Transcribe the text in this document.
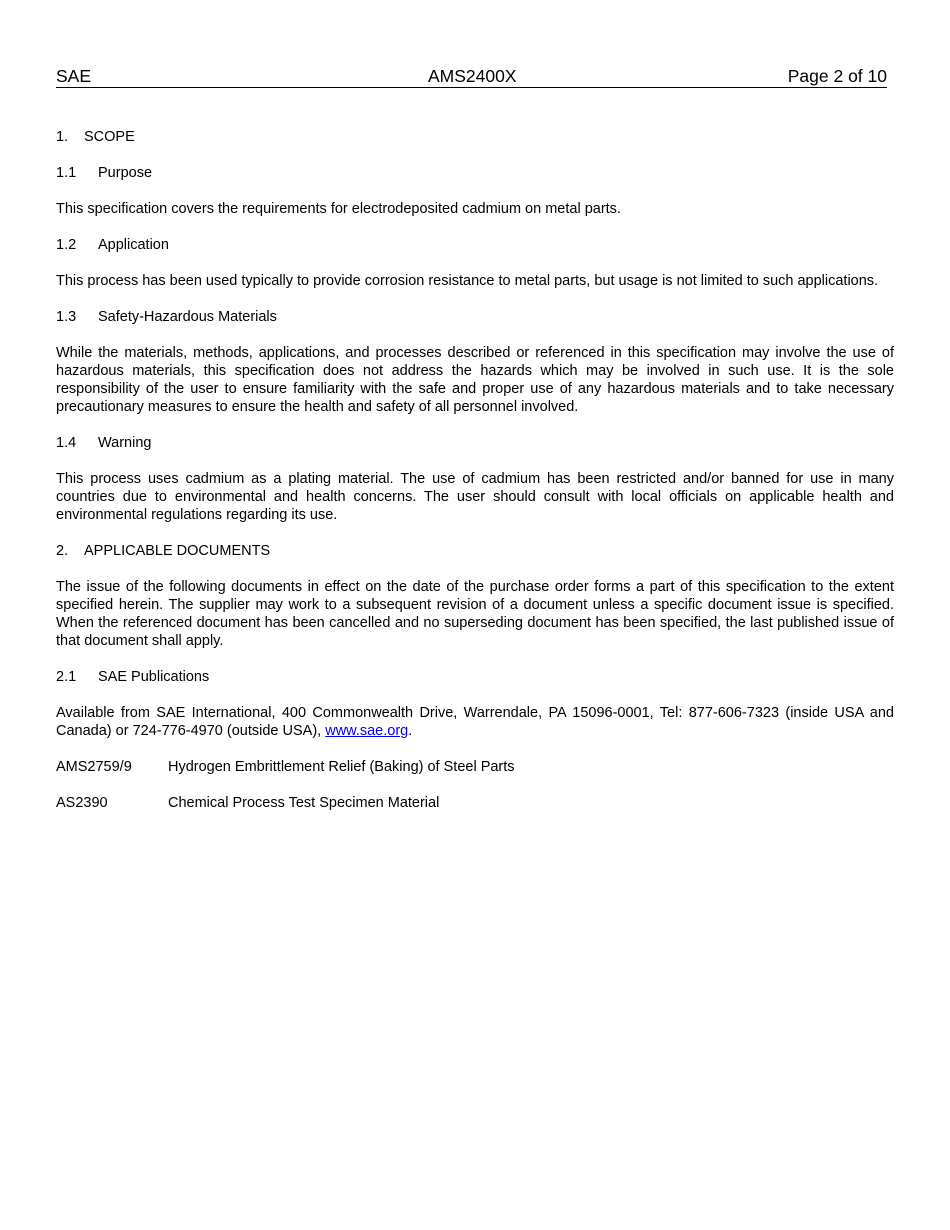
SAE	AMS2400X	Page 2 of 10
1. SCOPE
1.1 Purpose

This specification covers the requirements for electrodeposited cadmium on metal parts.

1.2 Application

This process has been used typically to provide corrosion resistance to metal parts, but usage is not limited to such applications.

1.3 Safety-Hazardous Materials

While the materials, methods, applications, and processes described or referenced in this specification may involve the use of hazardous materials, this specification does not address the hazards which may be involved in such use. It is the sole responsibility of the user to ensure familiarity with the safe and proper use of any hazardous materials and to take necessary precautionary measures to ensure the health and safety of all personnel involved.

1.4 Warning

This process uses cadmium as a plating material. The use of cadmium has been restricted and/or banned for use in many countries due to environmental and health concerns. The user should consult with local officials on applicable health and environmental regulations regarding its use.

2. APPLICABLE DOCUMENTS

The issue of the following documents in effect on the date of the purchase order forms a part of this specification to the extent specified herein. The supplier may work to a subsequent revision of a document unless a specific document issue is specified. When the referenced document has been cancelled and no superseding document has been specified, the last published issue of that document shall apply.

2.1 SAE Publications

Available from SAE International, 400 Commonwealth Drive, Warrendale, PA 15096-0001, Tel: 877-606-7323 (inside USA and Canada) or 724-776-4970 (outside USA), www.sae.org.

AMS2759/9 Hydrogen Embrittlement Relief (Baking) of Steel Parts
AS2390	Chemical Process Test Specimen Material
